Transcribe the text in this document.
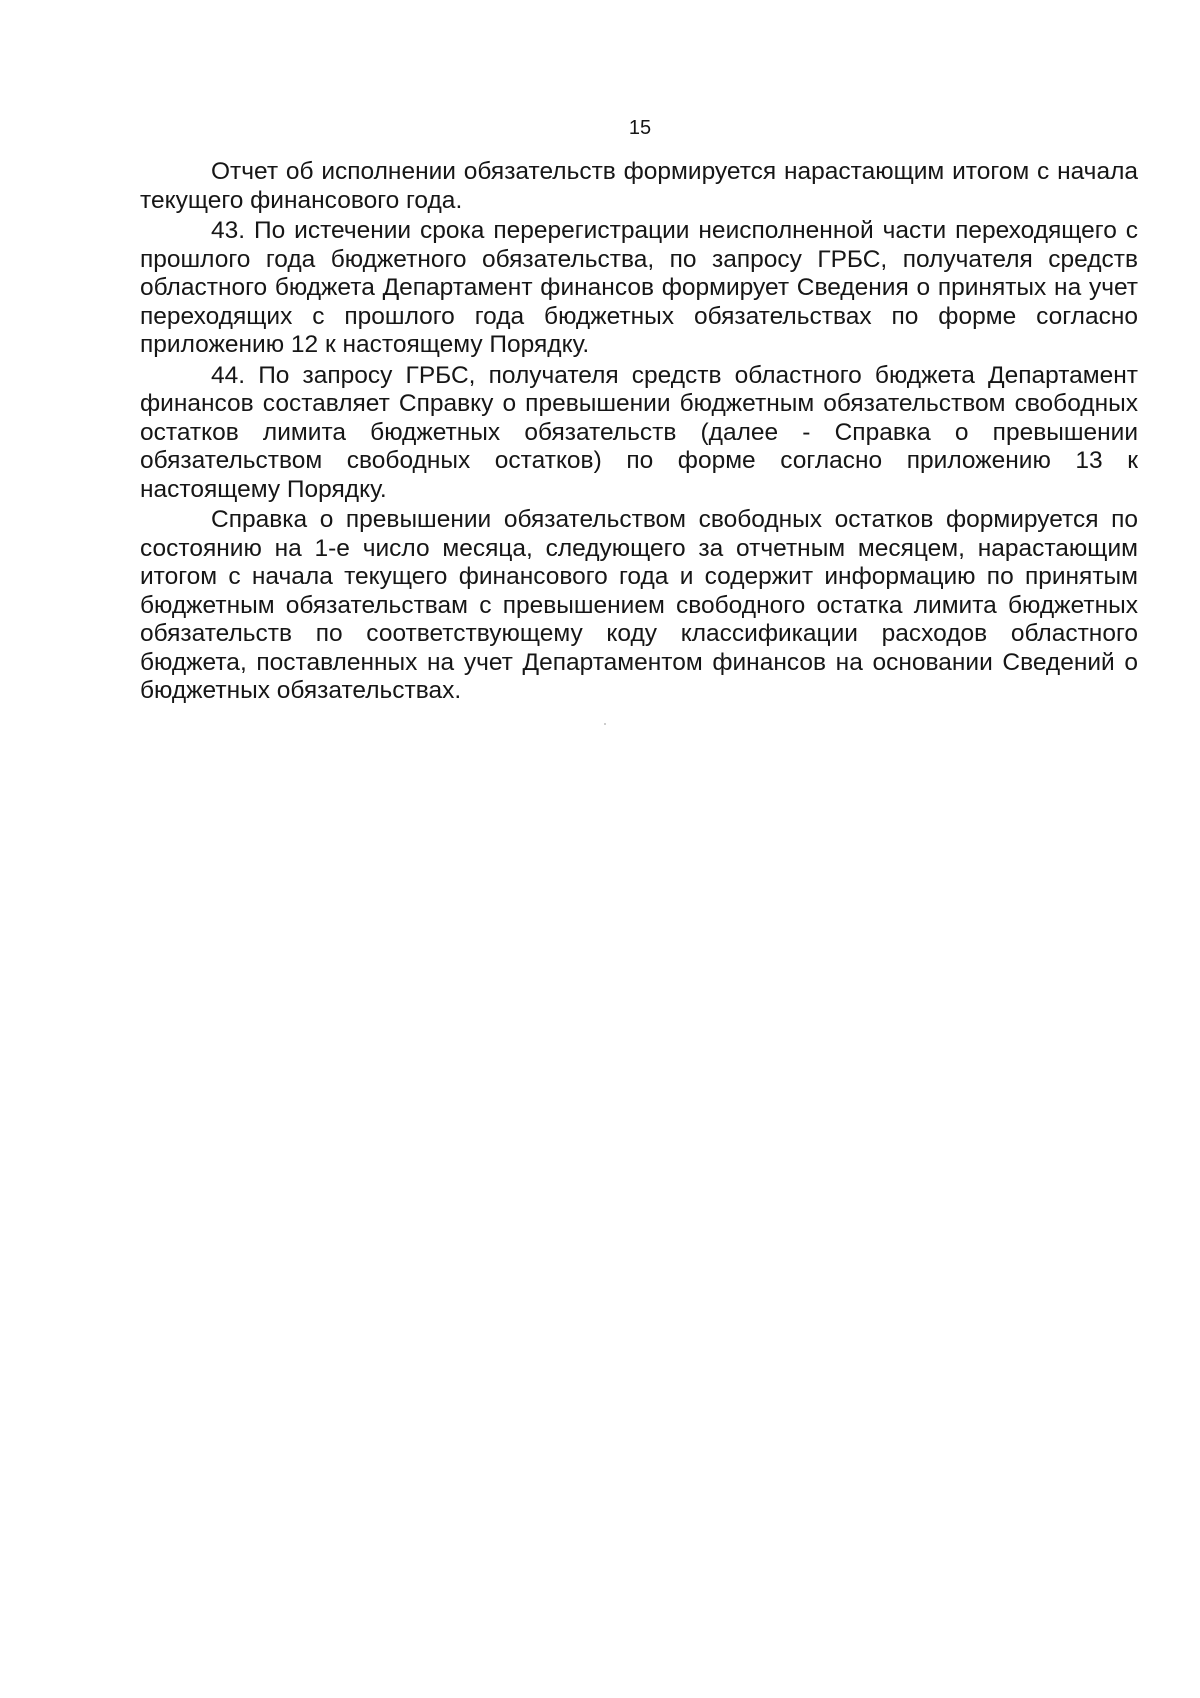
15

Отчет об исполнении обязательств формируется нарастающим итогом с начала текущего финансового года.

43. По истечении срока перерегистрации неисполненной части переходящего с прошлого года бюджетного обязательства, по запросу ГРБС, получателя средств областного бюджета Департамент финансов формирует Сведения о принятых на учет переходящих с прошлого года бюджетных обязательствах по форме согласно приложению 12 к настоящему Порядку.

44. По запросу ГРБС, получателя средств областного бюджета Департамент финансов составляет Справку о превышении бюджетным обязательством свободных остатков лимита бюджетных обязательств (далее - Справка о превышении обязательством свободных остатков) по форме согласно приложению 13 к настоящему Порядку.

Справка о превышении обязательством свободных остатков формируется по состоянию на 1-е число месяца, следующего за отчетным месяцем, нарастающим итогом с начала текущего финансового года и содержит информацию по принятым бюджетным обязательствам с превышением свободного остатка лимита бюджетных обязательств по соответствующему коду классификации расходов областного бюджета, поставленных на учет Департаментом финансов на основании Сведений о бюджетных обязательствах.
